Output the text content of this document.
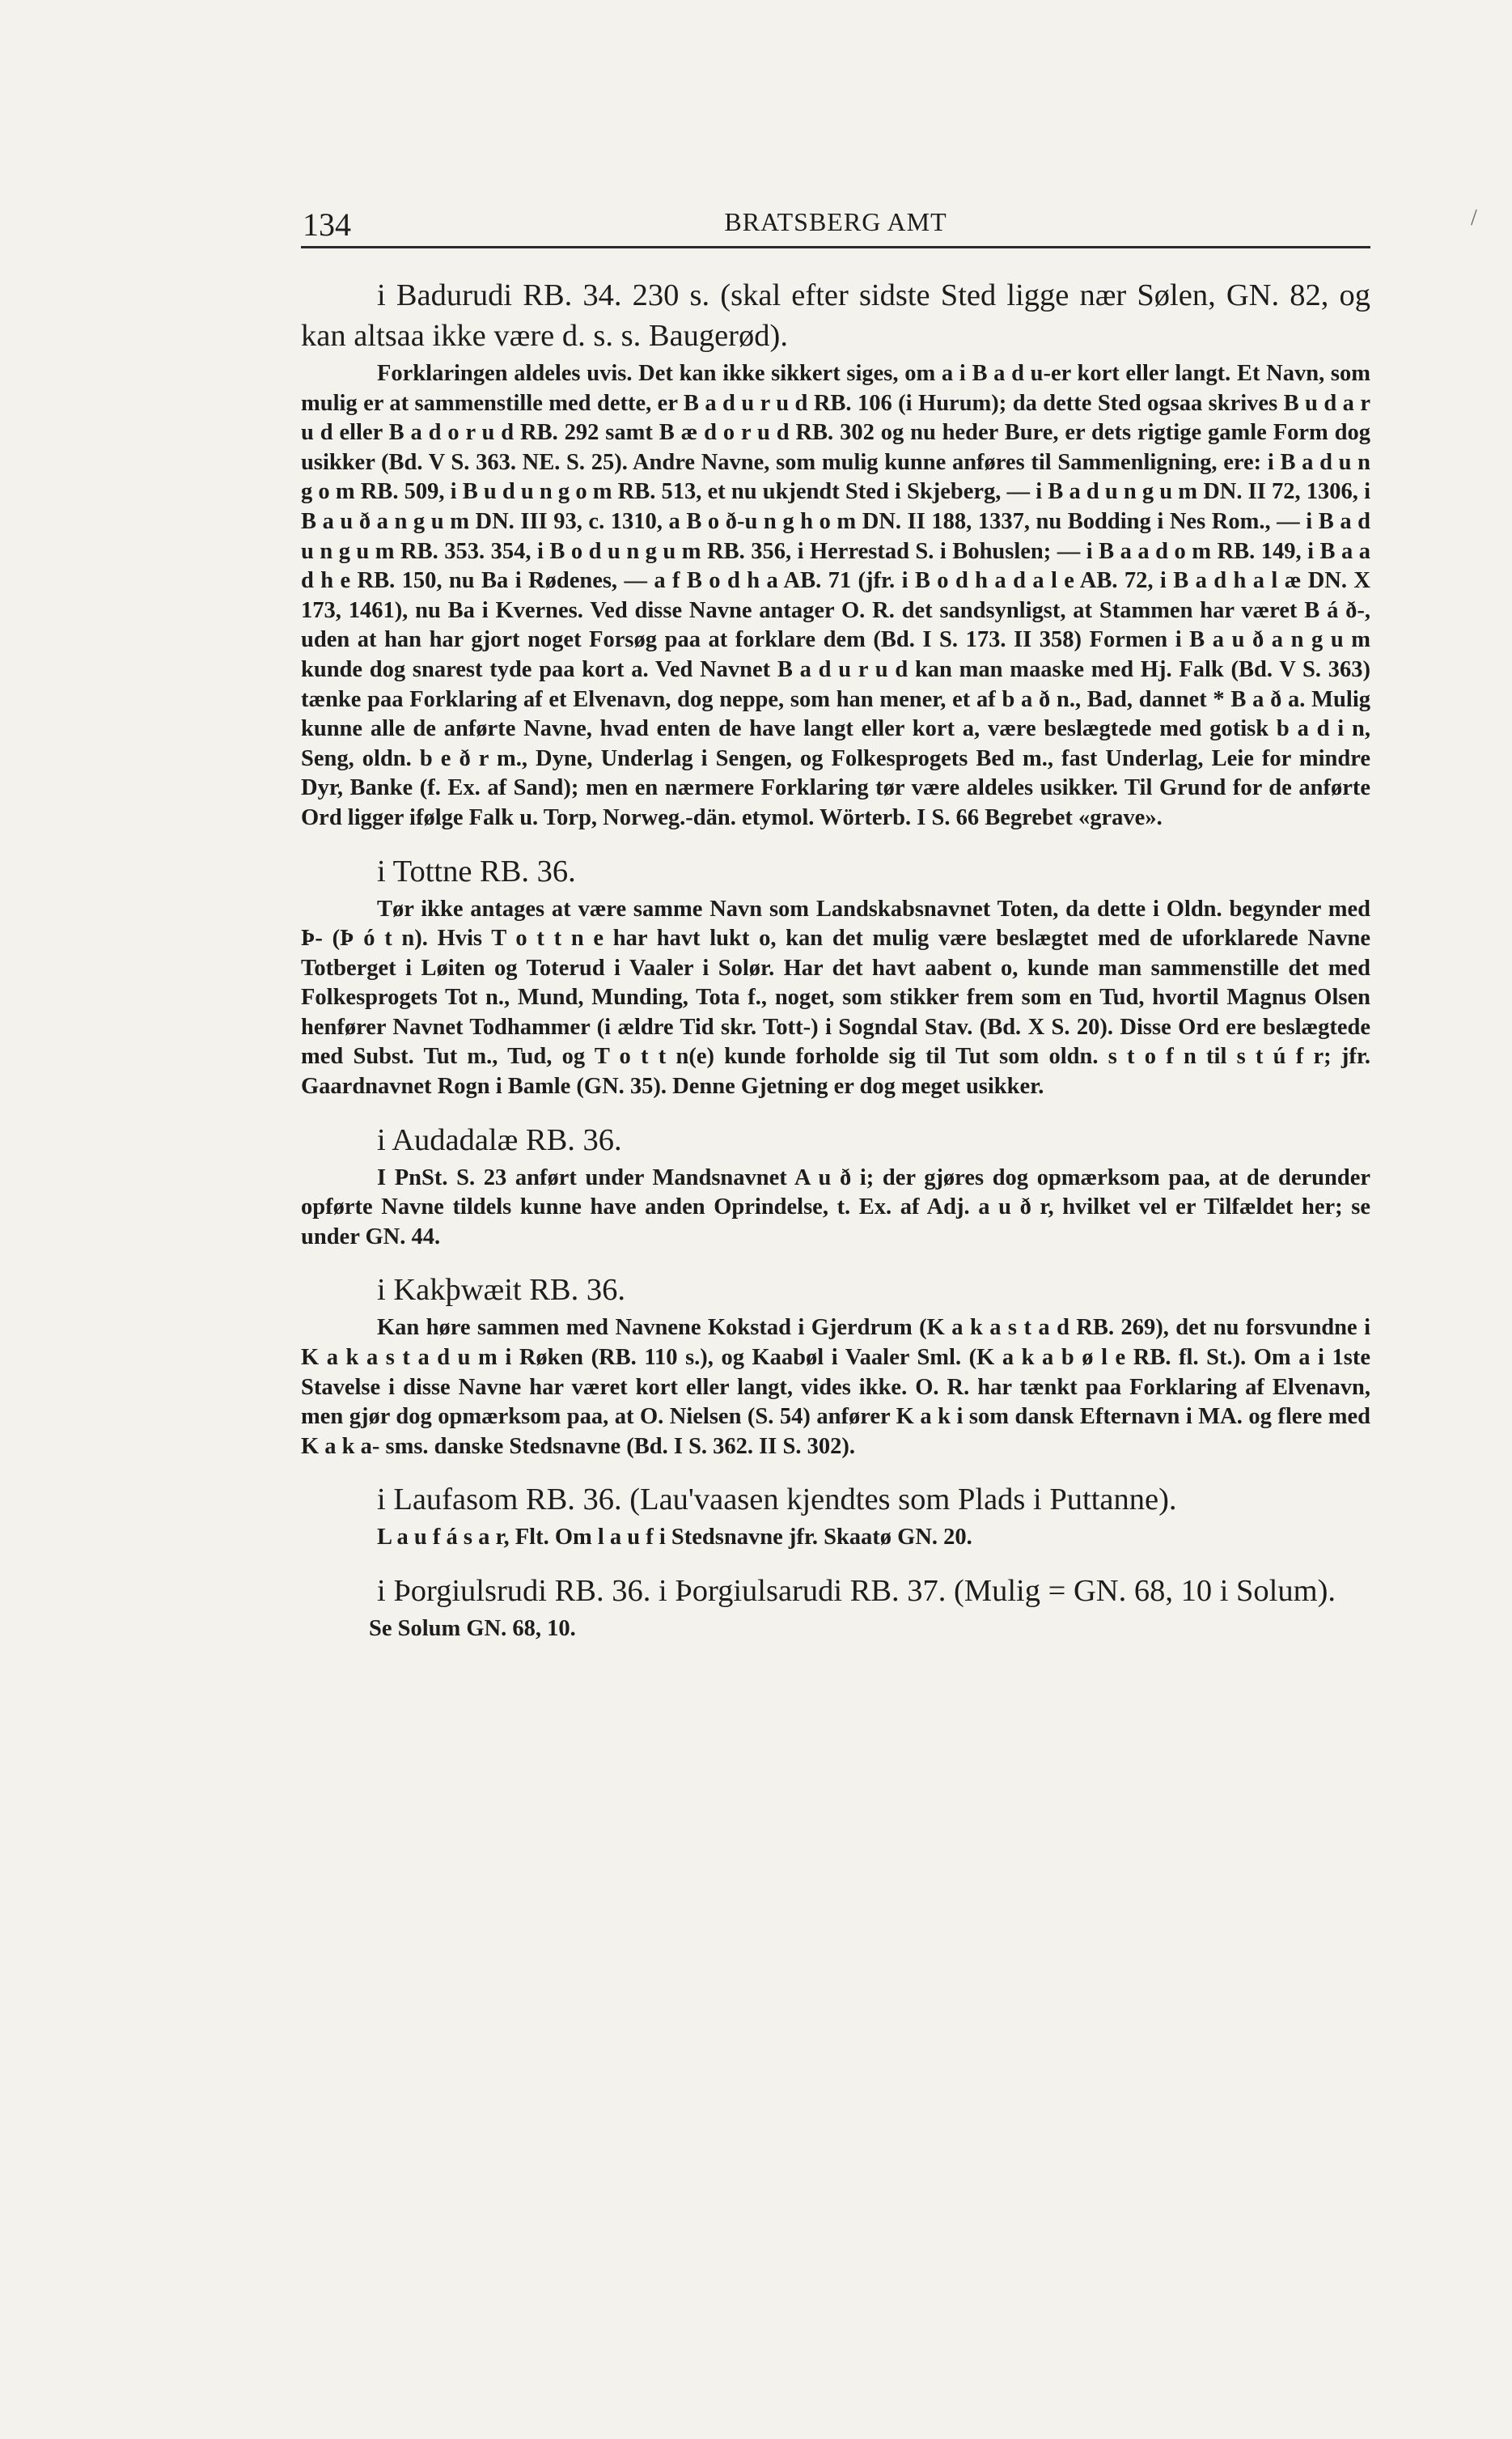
134	BRATSBERG AMT	/

i Badurudi RB. 34. 230 s. (skal efter sidste Sted ligge nær Sølen, GN. 82, og kan altsaa ikke være d. s. s. Baugerød).

Forklaringen aldeles uvis. Det kan ikke sikkert siges, om a i B a d u-er kort eller langt. Et Navn, som mulig er at sammenstille med dette, er B a d u r u d RB. 106 (i Hurum); da dette Sted ogsaa skrives B u d a r u d eller B a d o r u d RB. 292 samt B æ d o r u d RB. 302 og nu heder Bure, er dets rigtige gamle Form dog usikker (Bd. V S. 363. NE. S. 25). Andre Navne, som mulig kunne anføres til Sammenligning, ere: i B a d u n g o m RB. 509, i B u d u n g o m RB. 513, et nu ukjendt Sted i Skjeberg, — i B a d u n g u m DN. II 72, 1306, i B a u ð a n g u m DN. III 93, c. 1310, a B o ð-u n g h o m DN. II 188, 1337, nu Bodding i Nes Rom., — i B a d u n g u m RB. 353. 354, i B o d u n g u m RB. 356, i Herrestad S. i Bohuslen; — i B a a d o m RB. 149, i B a a d h e RB. 150, nu Ba i Rødenes, — a f B o d h a AB. 71 (jfr. i B o d h a d a l e AB. 72, i B a d h a l æ DN. X 173, 1461), nu Ba i Kvernes. Ved disse Navne antager O. R. det sandsynligst, at Stammen har været B á ð-, uden at han har gjort noget Forsøg paa at forklare dem (Bd. I S. 173. II 358) Formen i B a u ð a n g u m kunde dog snarest tyde paa kort a. Ved Navnet B a d u r u d kan man maaske med Hj. Falk (Bd. V S. 363) tænke paa Forklaring af et Elvenavn, dog neppe, som han mener, et af b a ð n., Bad, dannet * B a ð a. Mulig kunne alle de anførte Navne, hvad enten de have langt eller kort a, være beslægtede med gotisk b a d i n, Seng, oldn. b e ð r m., Dyne, Underlag i Sengen, og Folkesprogets Bed m., fast Underlag, Leie for mindre Dyr, Banke (f. Ex. af Sand); men en nærmere Forklaring tør være aldeles usikker. Til Grund for de anførte Ord ligger ifølge Falk u. Torp, Norweg.-dän. etymol. Wörterb. I S. 66 Begrebet «grave».

i Tottne RB. 36.

Tør ikke antages at være samme Navn som Landskabsnavnet Toten, da dette i Oldn. begynder med Þ- (Þ ó t n). Hvis T o t t n e har havt lukt o, kan det mulig være beslægtet med de uforklarede Navne Totberget i Løiten og Toterud i Vaaler i Solør. Har det havt aabent o, kunde man sammenstille det med Folkesprogets Tot n., Mund, Munding, Tota f., noget, som stikker frem som en Tud, hvortil Magnus Olsen henfører Navnet Todhammer (i ældre Tid skr. Tott-) i Sogndal Stav. (Bd. X S. 20). Disse Ord ere beslægtede med Subst. Tut m., Tud, og T o t t n(e) kunde forholde sig til Tut som oldn. s t o f n til s t ú f r; jfr. Gaardnavnet Rogn i Bamle (GN. 35). Denne Gjetning er dog meget usikker.

i Audadalæ RB. 36.

I PnSt. S. 23 anført under Mandsnavnet A u ð i; der gjøres dog opmærksom paa, at de derunder opførte Navne tildels kunne have anden Oprindelse, t. Ex. af Adj. a u ð r, hvilket vel er Tilfældet her; se under GN. 44.

i Kakþwæit RB. 36.

Kan høre sammen med Navnene Kokstad i Gjerdrum (K a k a s t a d RB. 269), det nu forsvundne i K a k a s t a d u m i Røken (RB. 110 s.), og Kaabøl i Vaaler Sml. (K a k a b ø l e RB. fl. St.). Om a i 1ste Stavelse i disse Navne har været kort eller langt, vides ikke. O. R. har tænkt paa Forklaring af Elvenavn, men gjør dog opmærksom paa, at O. Nielsen (S. 54) anfører K a k i som dansk Efternavn i MA. og flere med K a k a- sms. danske Stedsnavne (Bd. I S. 362. II S. 302).

i Laufasom RB. 36. (Lau'vaasen kjendtes som Plads i Puttanne).

L a u f á s a r, Flt. Om l a u f i Stedsnavne jfr. Skaatø GN. 20.

i Þorgiulsrudi RB. 36. i Þorgiulsarudi RB. 37. (Mulig = GN. 68, 10 i Solum).

Se Solum GN. 68, 10.
